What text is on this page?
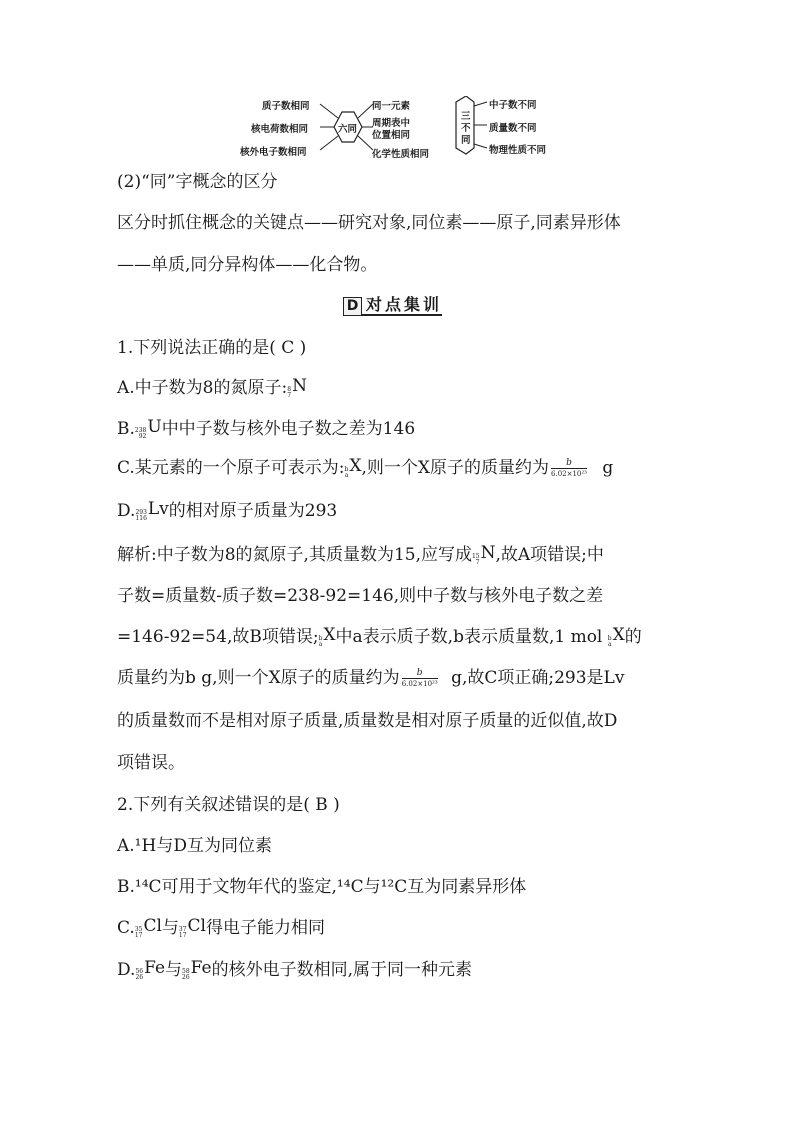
质子数相同
核电荷数相同
核外电子数相同
六同
同一元素
周期表中
位置相同
化学性质相同
三
不
同
中子数不同
质量数不同
物理性质不同
(2)“同”字概念的区分
区分时抓住概念的关键点——研究对象,同位素——原子,同素异形体
——单质,同分异构体——化合物。
D 对点集训
1.下列说法正确的是( C )
A.中子数为8的氮原子: 8
7 N
B. 238
92 U中中子数与核外电子数之差为146
C.某元素的一个原子可表示为: b
a X,则一个X原子的质量约为 $\frac{b}{\text{6.02×10²³}}$ g
D. 293
116 Lv的相对原子质量为293
解析:中子数为8的氮原子,其质量数为15,应写成 15
7 N,故A项错误;中
子数=质量数-质子数=238-92=146,则中子数与核外电子数之差
=146-92=54,故B项错误; b
a X中a表示质子数,b表示质量数,1 mol b
a X的
质量约为b g,则一个X原子的质量约为 $\frac{b}{\text{6.02×10²³}} g$,故C项正确;293是Lv
的质量数而不是相对原子质量,质量数是相对原子质量的近似值,故D
项错误。
2.下列有关叙述错误的是( B )
A.¹H与D互为同位素
B.¹⁴C可用于文物年代的鉴定,¹⁴C与¹²C互为同素异形体
C. 35
17 Cl与 37
17 Cl得电子能力相同
D. 56
26 Fe与 58
26 Fe的核外电子数相同,属于同一种元素
